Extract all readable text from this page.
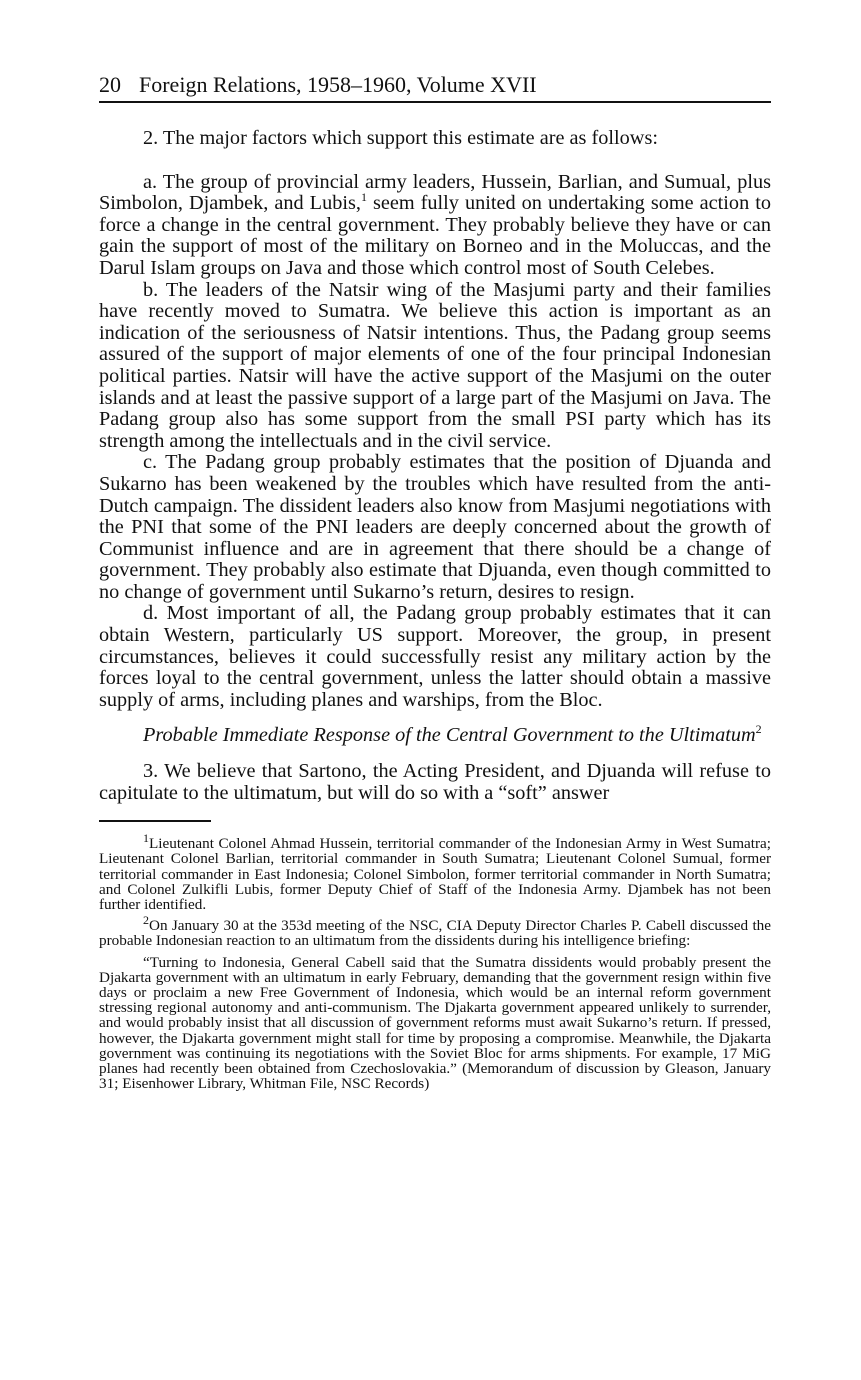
20 Foreign Relations, 1958–1960, Volume XVII

2. The major factors which support this estimate are as follows:

a. The group of provincial army leaders, Hussein, Barlian, and Sumual, plus Simbolon, Djambek, and Lubis,$^1$ seem fully united on undertaking some action to force a change in the central government. They probably believe they have or can gain the support of most of the military on Borneo and in the Moluccas, and the Darul Islam groups on Java and those which control most of South Celebes.

b. The leaders of the Natsir wing of the Masjumi party and their families have recently moved to Sumatra. We believe this action is important as an indication of the seriousness of Natsir intentions. Thus, the Padang group seems assured of the support of major elements of one of the four principal Indonesian political parties. Natsir will have the active support of the Masjumi on the outer islands and at least the passive support of a large part of the Masjumi on Java. The Padang group also has some support from the small PSI party which has its strength among the intellectuals and in the civil service.

c. The Padang group probably estimates that the position of Djuanda and Sukarno has been weakened by the troubles which have resulted from the anti-Dutch campaign. The dissident leaders also know from Masjumi negotiations with the PNI that some of the PNI leaders are deeply concerned about the growth of Communist influence and are in agreement that there should be a change of government. They probably also estimate that Djuanda, even though committed to no change of government until Sukarno’s return, desires to resign.

d. Most important of all, the Padang group probably estimates that it can obtain Western, particularly US support. Moreover, the group, in present circumstances, believes it could successfully resist any military action by the forces loyal to the central government, unless the latter should obtain a massive supply of arms, including planes and warships, from the Bloc.

Probable Immediate Response of the Central Government to the Ultimatum$^2$

3. We believe that Sartono, the Acting President, and Djuanda will refuse to capitulate to the ultimatum, but will do so with a “soft” answer

$^1$Lieutenant Colonel Ahmad Hussein, territorial commander of the Indonesian Army in West Sumatra; Lieutenant Colonel Barlian, territorial commander in South Sumatra; Lieutenant Colonel Sumual, former territorial commander in East Indonesia; Colonel Simbolon, former territorial commander in North Sumatra; and Colonel Zulkifli Lubis, former Deputy Chief of Staff of the Indonesia Army. Djambek has not been further identified.

$^2$On January 30 at the 353d meeting of the NSC, CIA Deputy Director Charles P. Cabell discussed the probable Indonesian reaction to an ultimatum from the dissidents during his intelligence briefing:

“Turning to Indonesia, General Cabell said that the Sumatra dissidents would probably present the Djakarta government with an ultimatum in early February, demanding that the government resign within five days or proclaim a new Free Government of Indonesia, which would be an internal reform government stressing regional autonomy and anti-communism. The Djakarta government appeared unlikely to surrender, and would probably insist that all discussion of government reforms must await Sukarno’s return. If pressed, however, the Djakarta government might stall for time by proposing a compromise. Meanwhile, the Djakarta government was continuing its negotiations with the Soviet Bloc for arms shipments. For example, 17 MiG planes had recently been obtained from Czechoslovakia.” (Memorandum of discussion by Gleason, January 31; Eisenhower Library, Whitman File, NSC Records)
